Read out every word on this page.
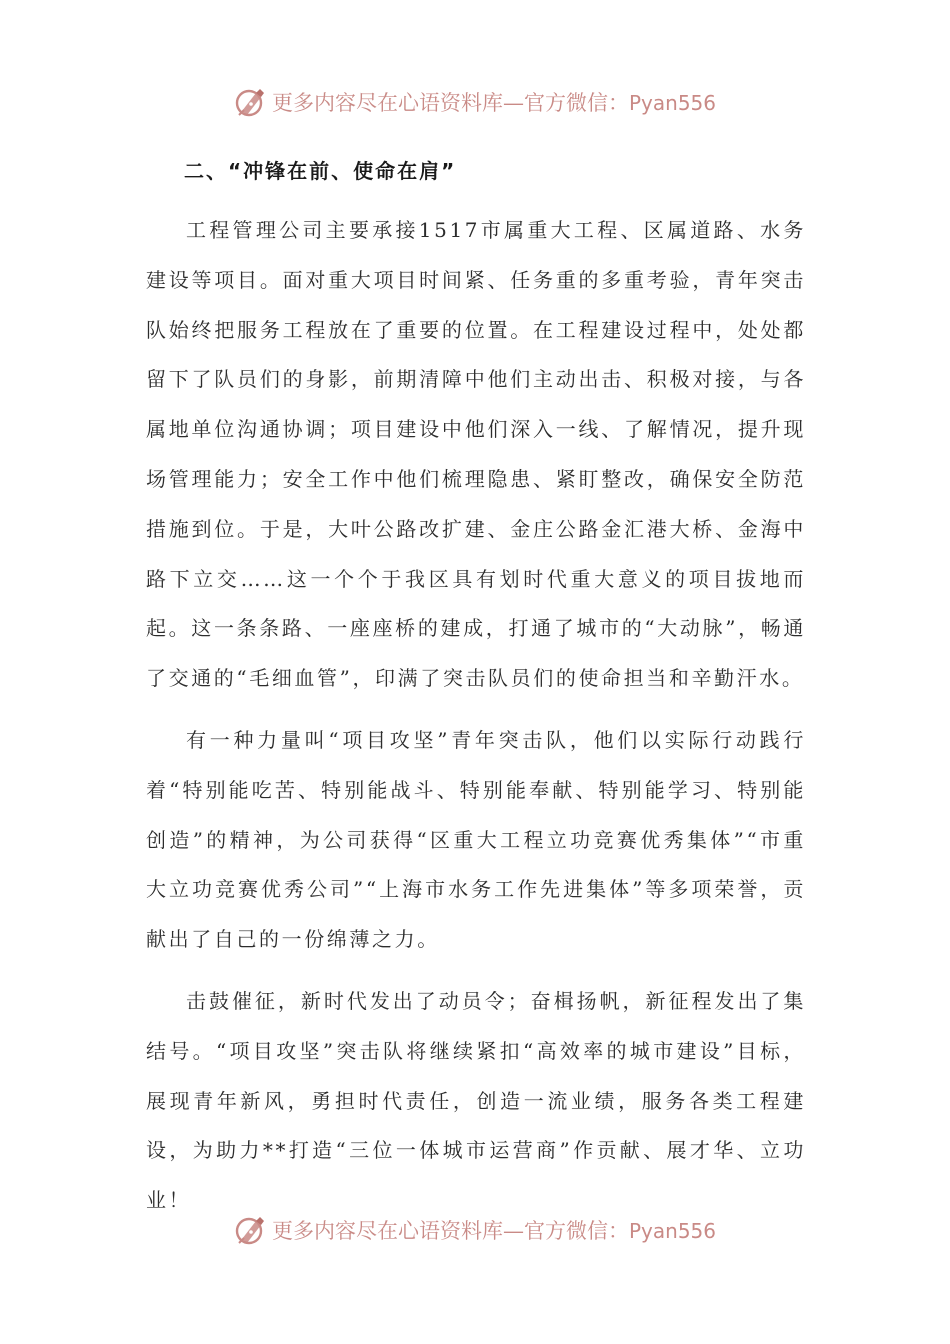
更多内容尽在心语资料库—官方微信：Pyan556
二、“冲锋在前、使命在肩”

工程管理公司主要承接1517市属重大工程、区属道路、水务建设等项目。面对重大项目时间紧、任务重的多重考验，青年突击队始终把服务工程放在了重要的位置。在工程建设过程中，处处都留下了队员们的身影，前期清障中他们主动出击、积极对接，与各属地单位沟通协调；项目建设中他们深入一线、了解情况，提升现场管理能力；安全工作中他们梳理隐患、紧盯整改，确保安全防范措施到位。于是，大叶公路改扩建、金庄公路金汇港大桥、金海中路下立交……这一个个于我区具有划时代重大意义的项目拔地而起。这一条条路、一座座桥的建成，打通了城市的“大动脉”，畅通了交通的“毛细血管”，印满了突击队员们的使命担当和辛勤汗水。

有一种力量叫“项目攻坚”青年突击队，他们以实际行动践行着“特别能吃苦、特别能战斗、特别能奉献、特别能学习、特别能创造”的精神，为公司获得“区重大工程立功竞赛优秀集体”“市重大立功竞赛优秀公司”“上海市水务工作先进集体”等多项荣誉，贡献出了自己的一份绵薄之力。

击鼓催征，新时代发出了动员令；奋楫扬帆，新征程发出了集结号。“项目攻坚”突击队将继续紧扣“高效率的城市建设”目标，展现青年新风，勇担时代责任，创造一流业绩，服务各类工程建设，为助力**打造“三位一体城市运营商”作贡献、展才华、立功业！

更多内容尽在心语资料库—官方微信：Pyan556
